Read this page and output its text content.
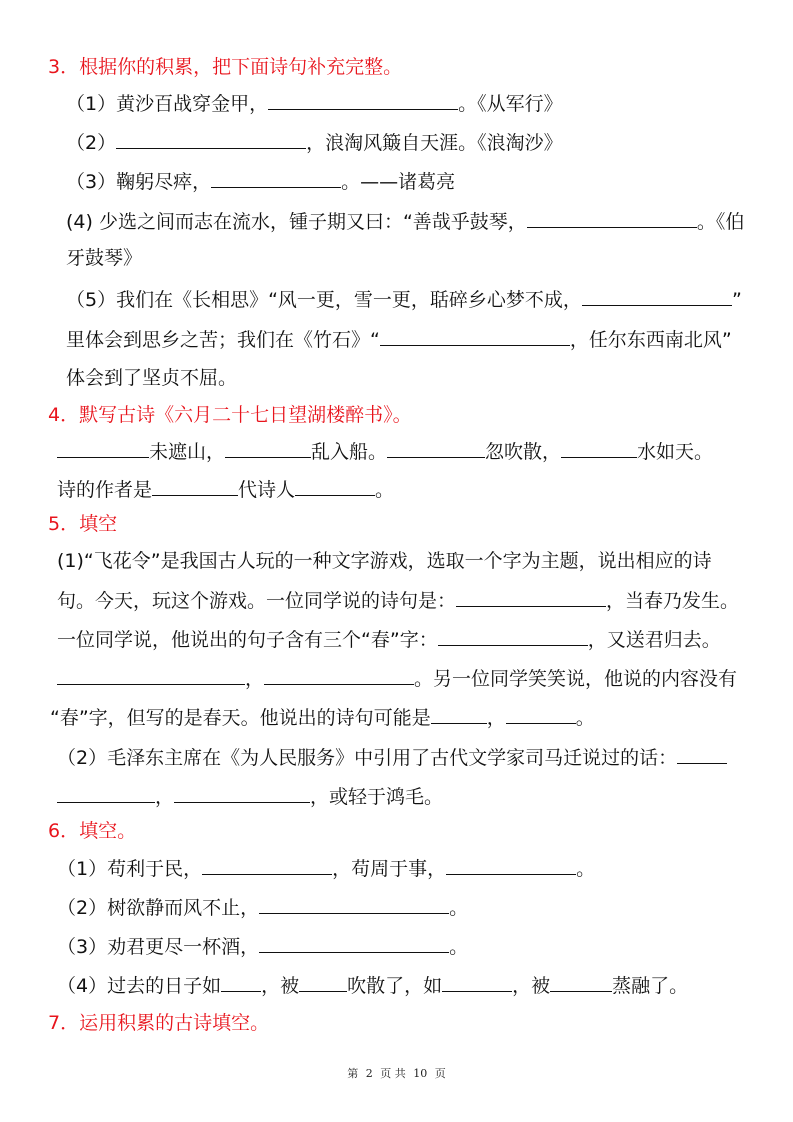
3．根据你的积累，把下面诗句补充完整。
（1）黄沙百战穿金甲，	。《从军行》
（2）	，浪淘风簸自天涯。《浪淘沙》
（3）鞠躬尽瘁，	。——诸葛亮
(4) 少选之间而志在流水，锺子期又曰：“善哉乎鼓琴，	。《伯
牙鼓琴》
（5）我们在《长相思》“风一更，雪一更，聒碎乡心梦不成，	”
里体会到思乡之苦；我们在《竹石》“	，任尔东西南北风”
体会到了坚贞不屈。
4．默写古诗《六月二十七日望湖楼醉书》。
未遮山，	乱入船。	忽吹散，	水如天。
诗的作者是	代诗人	。
5．填空
(1)“飞花令”是我国古人玩的一种文字游戏，选取一个字为主题，说出相应的诗
句。今天，玩这个游戏。一位同学说的诗句是：	，当春乃发生。
一位同学说，他说出的句子含有三个“春”字：	，又送君归去。
，	。另一位同学笑笑说，他说的内容没有
“春”字，但写的是春天。他说出的诗句可能是	，	。
（2）毛泽东主席在《为人民服务》中引用了古代文学家司马迁说过的话：
，	，或轻于鸿毛。
6．填空。
（1）苟利于民，	，苟周于事，	。
（2）树欲静而风不止，	。
（3）劝君更尽一杯酒，	。
（4）过去的日子如 ，被	吹散了，如	，被	蒸融了。
7．运用积累的古诗填空。
第 2 页 共 10 页
